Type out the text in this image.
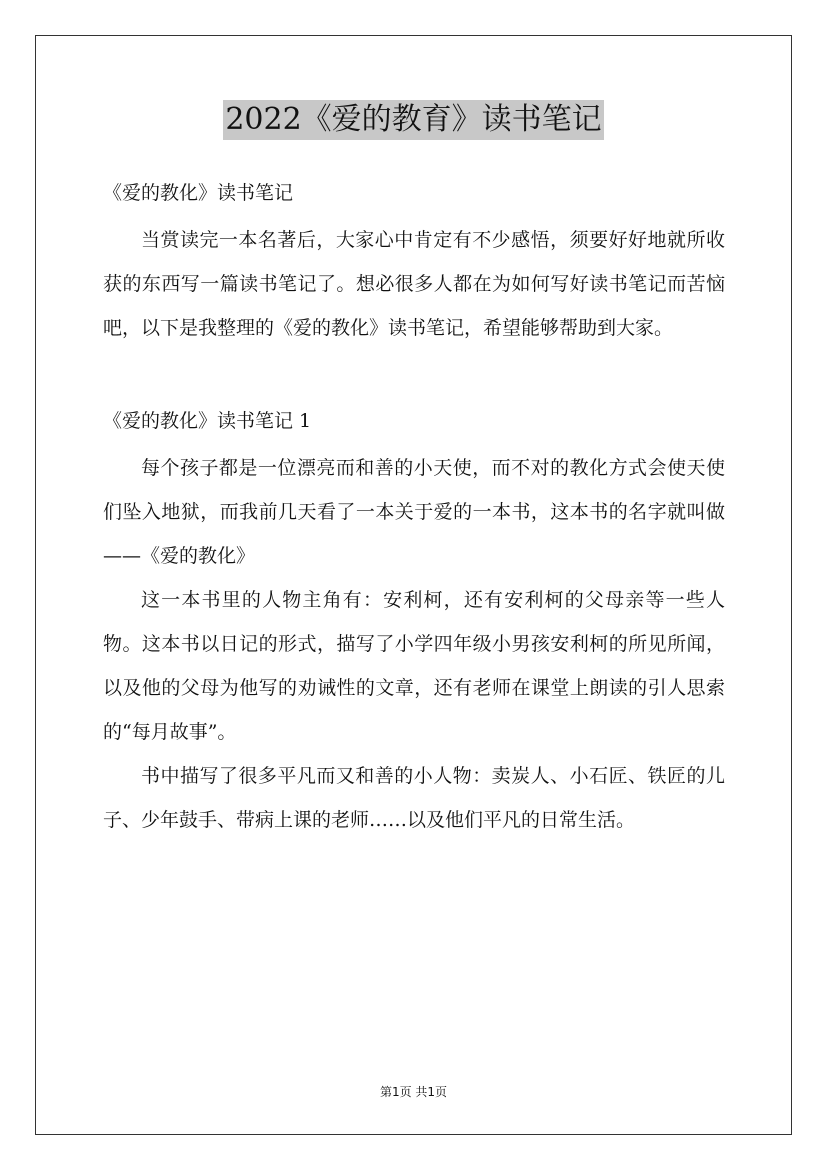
2022《爱的教育》读书笔记

《爱的教化》读书笔记

当赏读完一本名著后，大家心中肯定有不少感悟，须要好好地就所收获的东西写一篇读书笔记了。想必很多人都在为如何写好读书笔记而苦恼吧，以下是我整理的《爱的教化》读书笔记，希望能够帮助到大家。

《爱的教化》读书笔记 1

每个孩子都是一位漂亮而和善的小天使，而不对的教化方式会使天使们坠入地狱，而我前几天看了一本关于爱的一本书，这本书的名字就叫做——《爱的教化》

这一本书里的人物主角有：安利柯，还有安利柯的父母亲等一些人物。这本书以日记的形式，描写了小学四年级小男孩安利柯的所见所闻，以及他的父母为他写的劝诫性的文章，还有老师在课堂上朗读的引人思索的“每月故事”。

书中描写了很多平凡而又和善的小人物：卖炭人、小石匠、铁匠的儿子、少年鼓手、带病上课的老师……以及他们平凡的日常生活。

第1页 共1页
